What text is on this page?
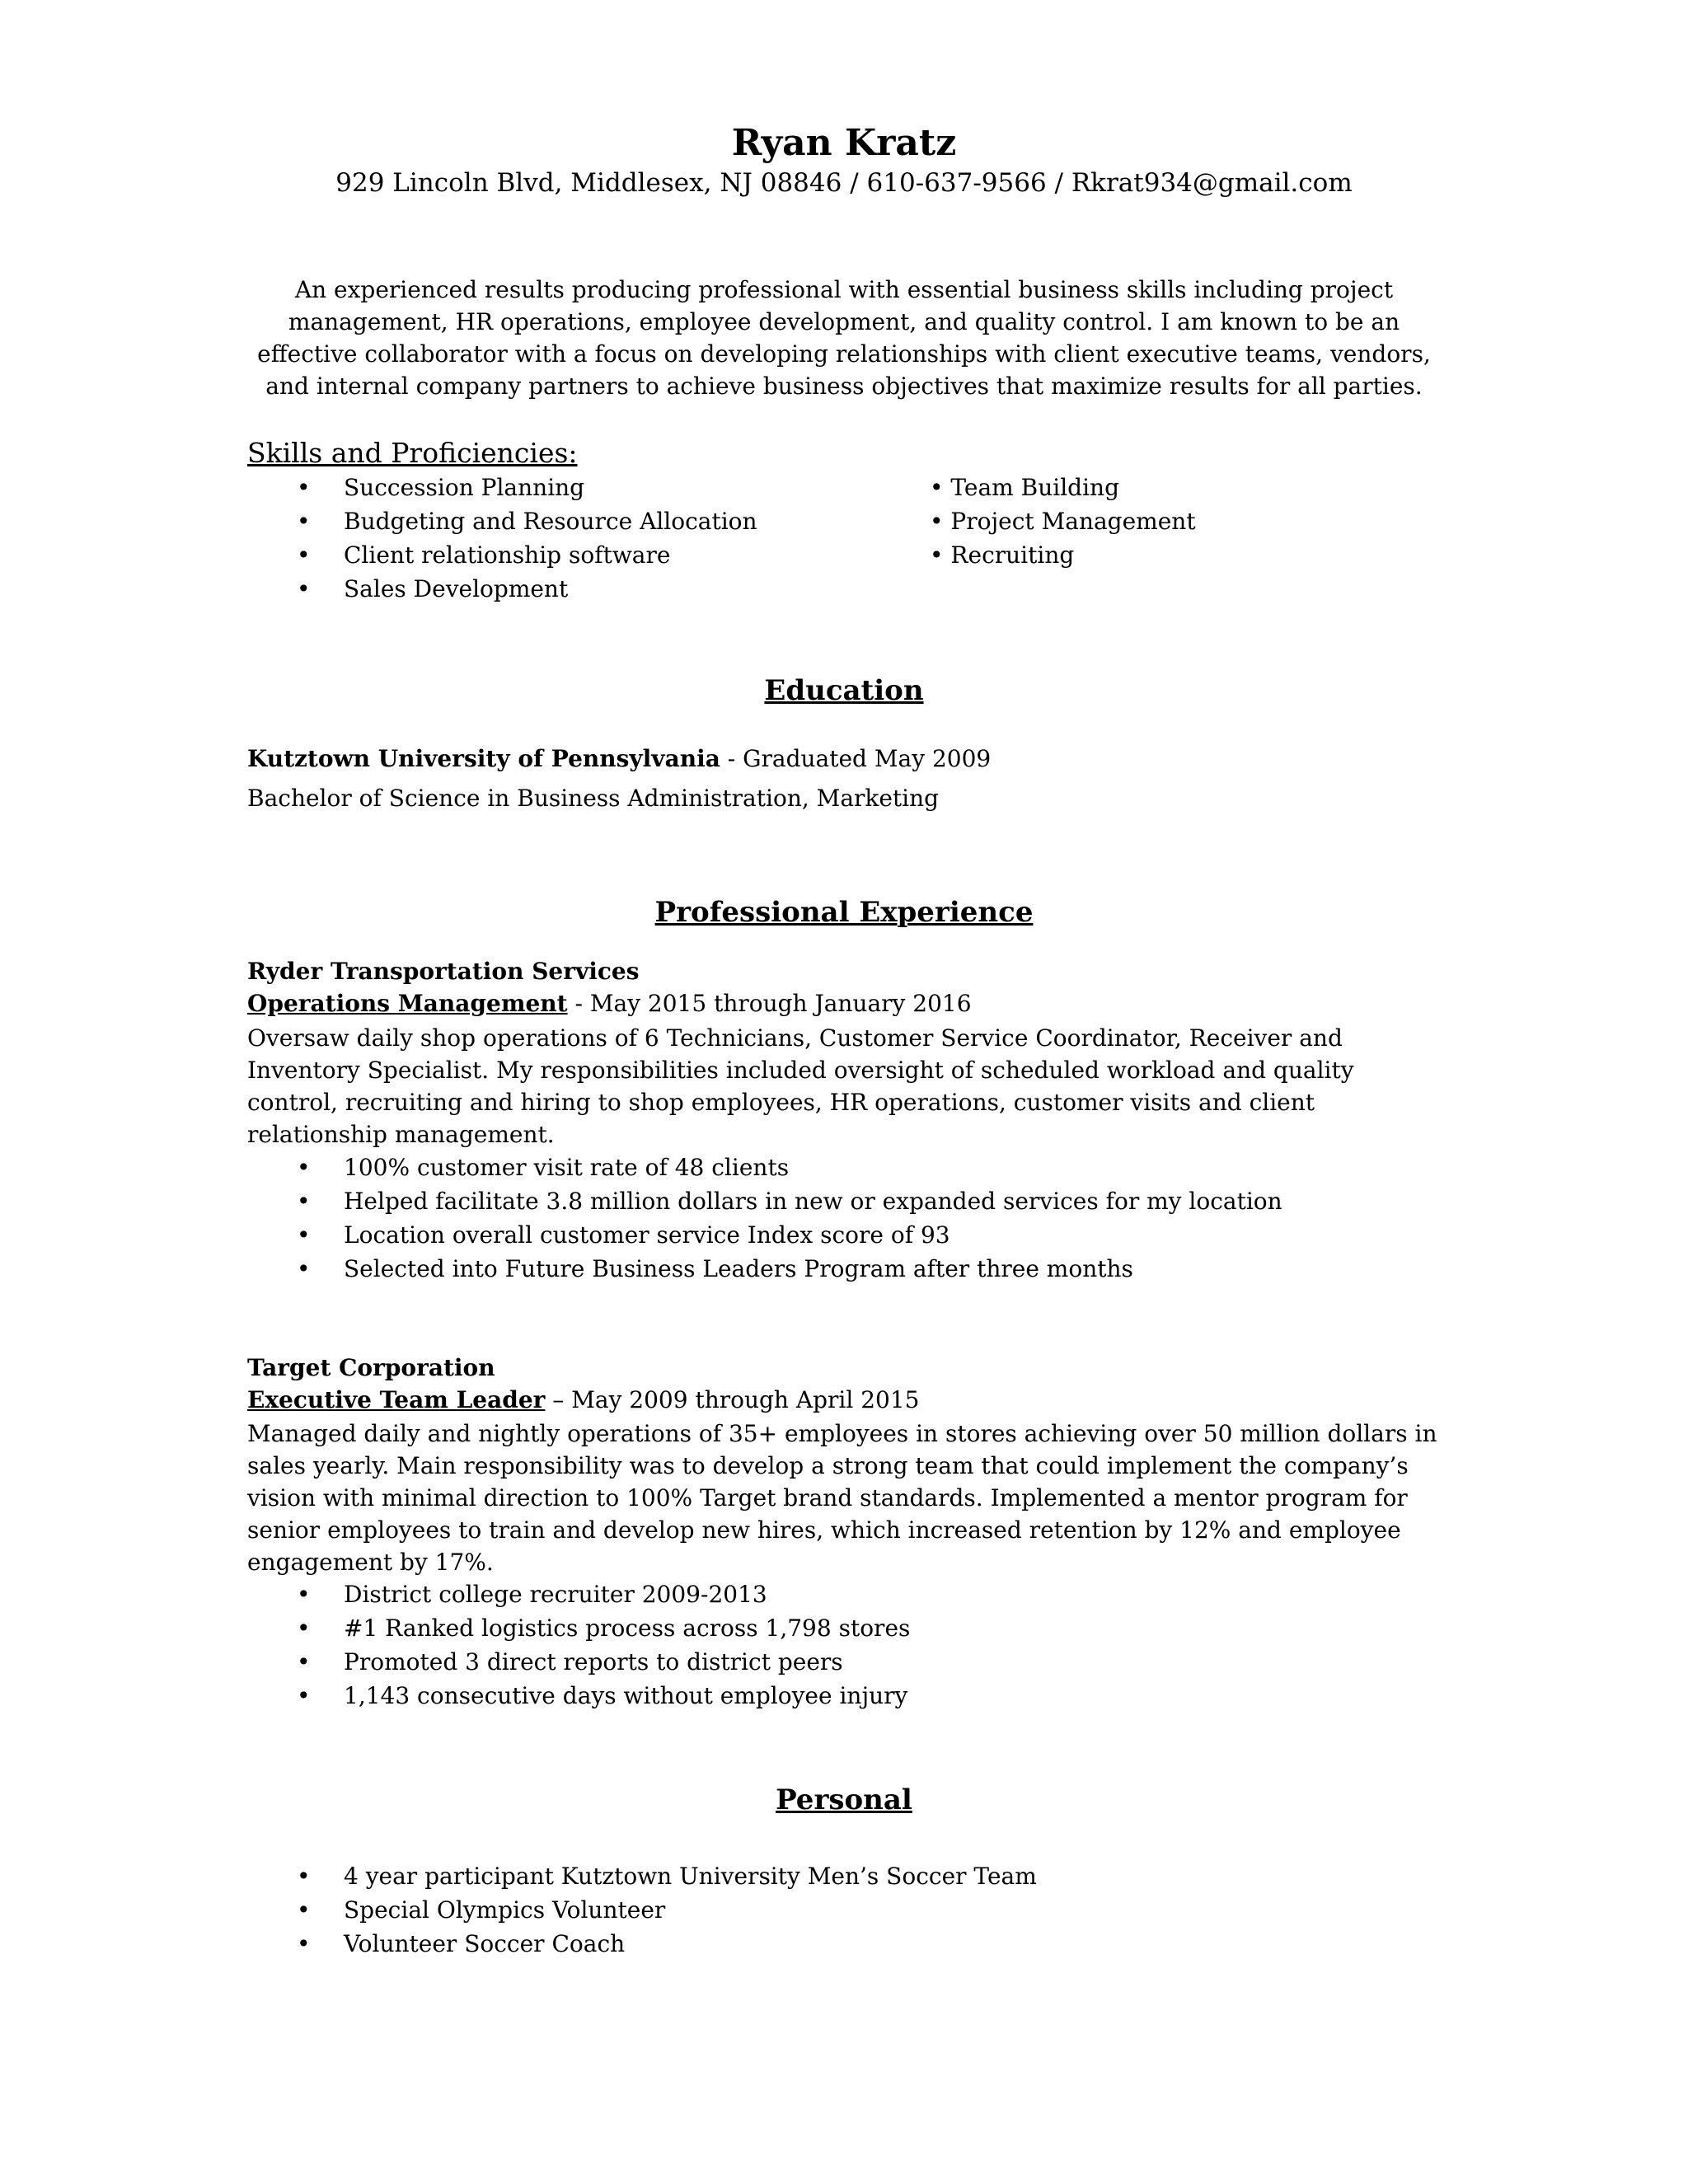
Ryan Kratz
929 Lincoln Blvd, Middlesex, NJ 08846 / 610-637-9566 / Rkrat934@gmail.com
An experienced results producing professional with essential business skills including project
management, HR operations, employee development, and quality control. I am known to be an
effective collaborator with a focus on developing relationships with client executive teams, vendors,
and internal company partners to achieve business objectives that maximize results for all parties.
Skills and Proficiencies:
• Succession Planning
• Budgeting and Resource Allocation
• Client relationship software
• Sales Development
• Team Building
• Project Management
• Recruiting
Education
Kutztown University of Pennsylvania - Graduated May 2009
Bachelor of Science in Business Administration, Marketing
Professional Experience
Ryder Transportation Services
Operations Management - May 2015 through January 2016
Oversaw daily shop operations of 6 Technicians, Customer Service Coordinator, Receiver and
Inventory Specialist. My responsibilities included oversight of scheduled workload and quality
control, recruiting and hiring to shop employees, HR operations, customer visits and client
relationship management.
• 100% customer visit rate of 48 clients
• Helped facilitate 3.8 million dollars in new or expanded services for my location
• Location overall customer service Index score of 93
• Selected into Future Business Leaders Program after three months
Target Corporation
Executive Team Leader – May 2009 through April 2015
Managed daily and nightly operations of 35+ employees in stores achieving over 50 million dollars in
sales yearly. Main responsibility was to develop a strong team that could implement the company’s
vision with minimal direction to 100% Target brand standards. Implemented a mentor program for
senior employees to train and develop new hires, which increased retention by 12% and employee
engagement by 17%.
• District college recruiter 2009-2013
• #1 Ranked logistics process across 1,798 stores
• Promoted 3 direct reports to district peers
• 1,143 consecutive days without employee injury
Personal
• 4 year participant Kutztown University Men’s Soccer Team
• Special Olympics Volunteer
• Volunteer Soccer Coach
